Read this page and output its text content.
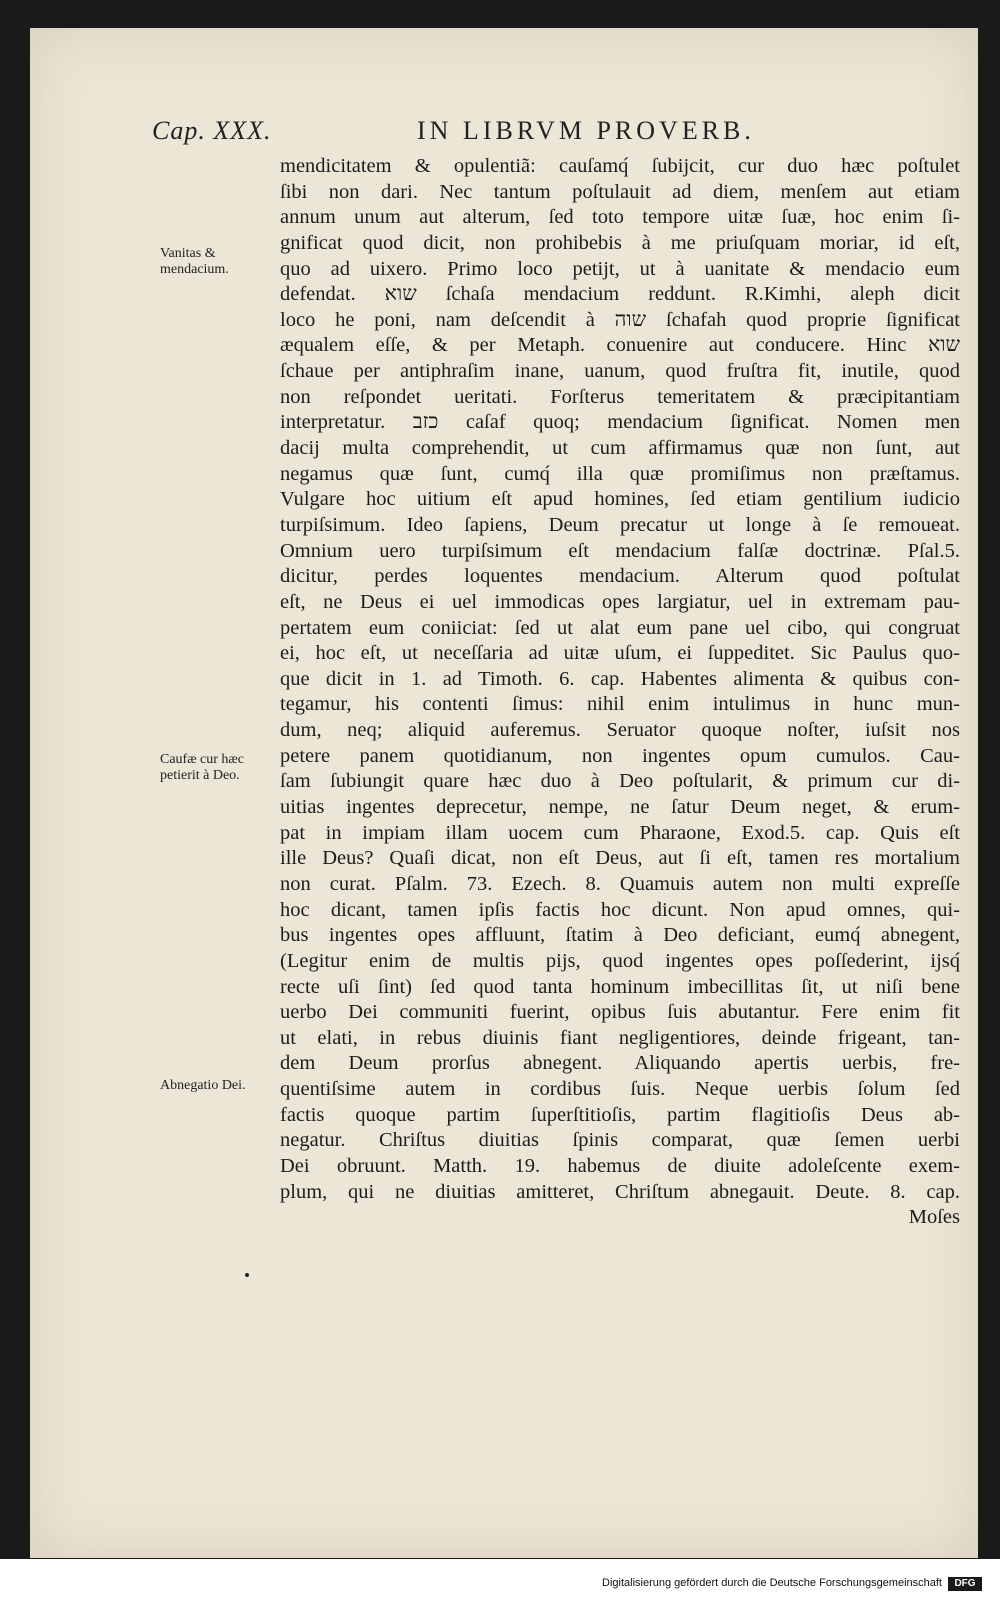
Cap. XXX.	IN LIBRVM PROVERB.
Vanitas & mendacium.
Caufæ cur hæc petierit à Deo.
Abnegatio Dei.
mendicitatem & opulentiã: cauſamq́ ſubijcit, cur duo hæc poſtulet
ſibi non dari. Nec tantum poſtulauit ad diem, menſem aut etiam
annum unum aut alterum, ſed toto tempore uitæ ſuæ, hoc enim ſi-
gnificat quod dicit, non prohibebis à me priuſquam moriar, id eſt,
quo ad uixero. Primo loco petijt, ut à uanitate & mendacio eum
defendat. שוא ſchaſa mendacium reddunt. R.Kimhi, aleph dicit
loco he poni, nam deſcendit à שוה ſchafah quod proprie ſignificat
æqualem eſſe, & per Metaph. conuenire aut conducere. Hinc שוא
ſchaue per antiphraſim inane, uanum, quod fruſtra fit, inutile, quod
non reſpondet ueritati. Forſterus temeritatem & præcipitantiam
interpretatur. כזב caſaf quoq; mendacium ſignificat. Nomen men
dacij multa comprehendit, ut cum affirmamus quæ non ſunt, aut
negamus quæ ſunt, cumq́ illa quæ promiſimus non præſtamus.
Vulgare hoc uitium eſt apud homines, ſed etiam gentilium iudicio
turpiſsimum. Ideo ſapiens, Deum precatur ut longe à ſe remoueat.
Omnium uero turpiſsimum eſt mendacium falſæ doctrinæ. Pſal.5.
dicitur, perdes loquentes mendacium. Alterum quod poſtulat
eſt, ne Deus ei uel immodicas opes largiatur, uel in extremam pau-
pertatem eum coniiciat: ſed ut alat eum pane uel cibo, qui congruat
ei, hoc eſt, ut neceſſaria ad uitæ uſum, ei ſuppeditet. Sic Paulus quo-
que dicit in 1. ad Timoth. 6. cap. Habentes alimenta & quibus con-
tegamur, his contenti ſimus: nihil enim intulimus in hunc mun-
dum, neq; aliquid auferemus. Seruator quoque noſter, iuſsit nos
petere panem quotidianum, non ingentes opum cumulos. Cau-
ſam ſubiungit quare hæc duo à Deo poſtularit, & primum cur di-
uitias ingentes deprecetur, nempe, ne ſatur Deum neget, & erum-
pat in impiam illam uocem cum Pharaone, Exod.5. cap. Quis eſt
ille Deus? Quaſi dicat, non eſt Deus, aut ſi eſt, tamen res mortalium
non curat. Pſalm. 73. Ezech. 8. Quamuis autem non multi expreſſe
hoc dicant, tamen ipſis factis hoc dicunt. Non apud omnes, qui-
bus ingentes opes affluunt, ſtatim à Deo deficiant, eumq́ abnegent,
(Legitur enim de multis pijs, quod ingentes opes poſſederint, ijsq́
recte uſi ſint) ſed quod tanta hominum imbecillitas ſit, ut niſi bene
uerbo Dei communiti fuerint, opibus ſuis abutantur. Fere enim fit
ut elati, in rebus diuinis fiant negligentiores, deinde frigeant, tan-
dem Deum prorſus abnegent. Aliquando apertis uerbis, fre-
quentiſsime autem in cordibus ſuis. Neque uerbis ſolum ſed
factis quoque partim ſuperſtitioſis, partim flagitioſis Deus ab-
negatur. Chriſtus diuitias ſpinis comparat, quæ ſemen uerbi
Dei obruunt. Matth. 19. habemus de diuite adoleſcente exem-
plum, qui ne diuitias amitteret, Chriſtum abnegauit. Deute. 8. cap.
Moſes
Digitalisierung gefördert durch die Deutsche Forschungsgemeinschaft	DFG
